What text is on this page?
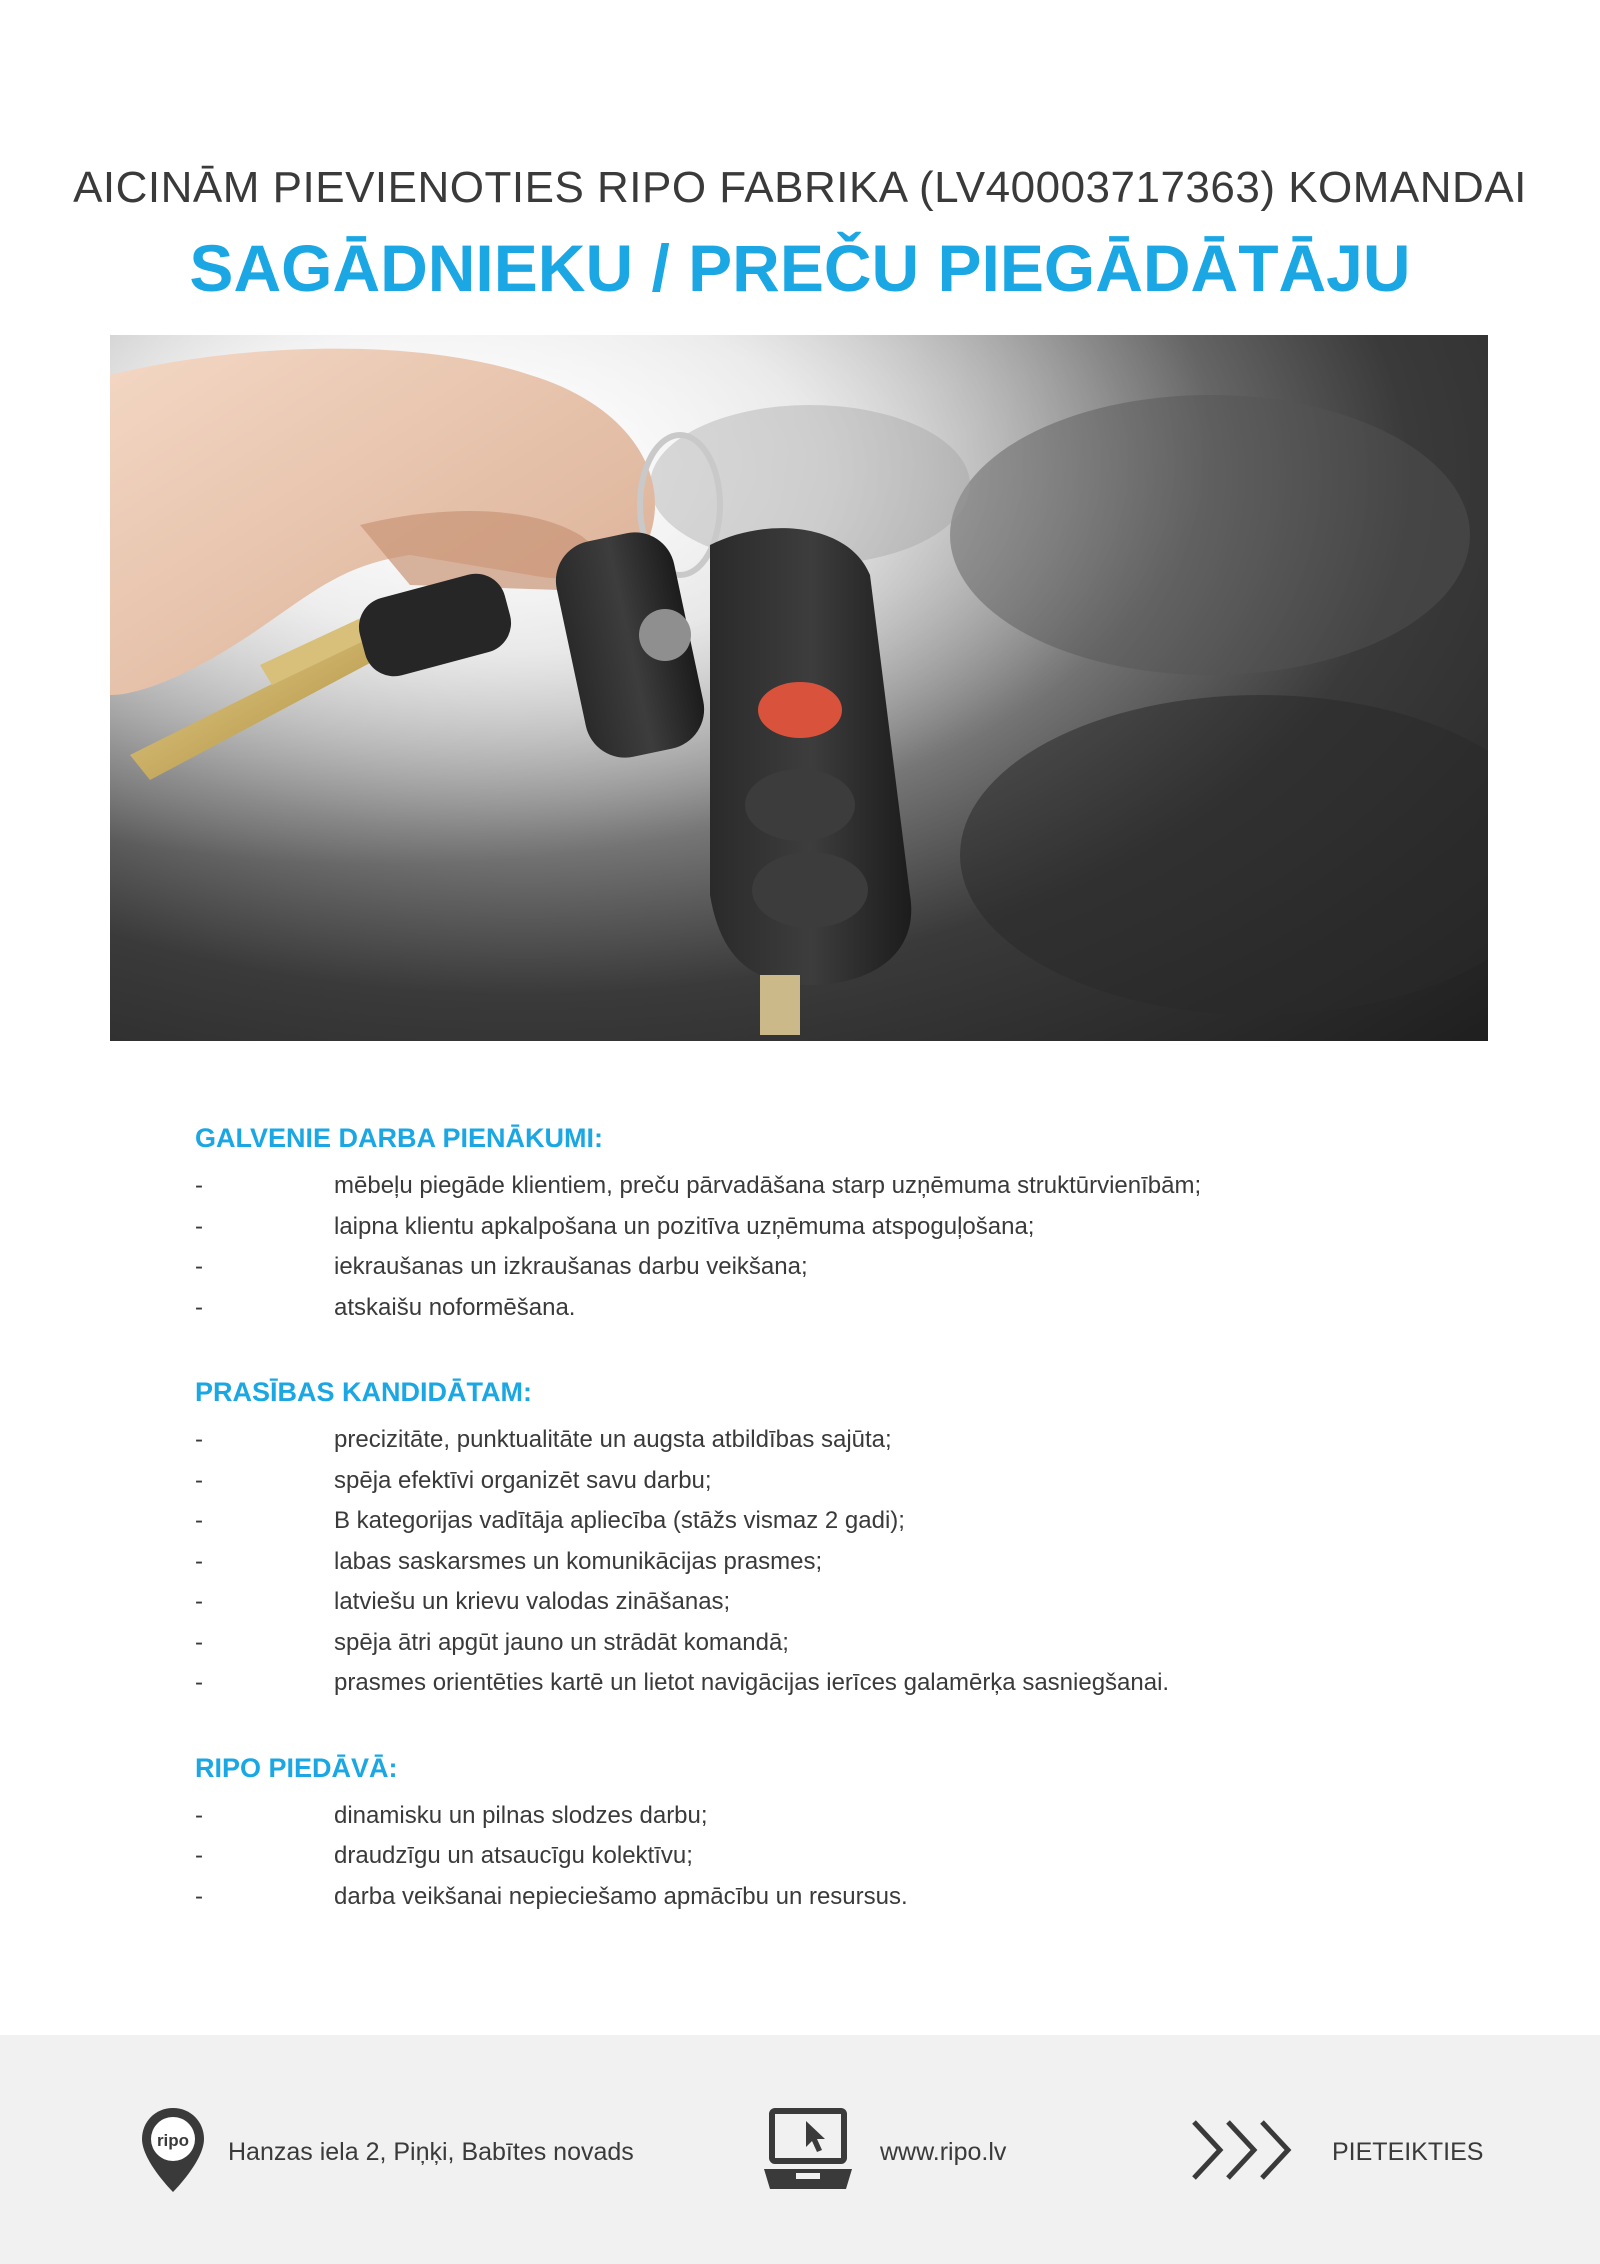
AICINĀM PIEVIENOTIES RIPO FABRIKA (LV40003717363) KOMANDAI
SAGĀDNIEKU / PREČU PIEGĀDĀTĀJU
GALVENIE DARBA PIENĀKUMI:
-	mēbeļu piegāde klientiem, preču pārvadāšana starp uzņēmuma struktūrvienībām;
-	laipna klientu apkalpošana un pozitīva uzņēmuma atspoguļošana;
-	iekraušanas un izkraušanas darbu veikšana;
-	atskaišu noformēšana.
PRASĪBAS KANDIDĀTAM:
-	precizitāte, punktualitāte un augsta atbildības sajūta;
-	spēja efektīvi organizēt savu darbu;
-	B kategorijas vadītāja apliecība (stāžs vismaz 2 gadi);
-	labas saskarsmes un komunikācijas prasmes;
-	latviešu un krievu valodas zināšanas;
-	spēja ātri apgūt jauno un strādāt komandā;
-	prasmes orientēties kartē un lietot navigācijas ierīces galamērķa sasniegšanai.
RIPO PIEDĀVĀ:
-	dinamisku un pilnas slodzes darbu;
-	draudzīgu un atsaucīgu kolektīvu;
-	darba veikšanai nepieciešamo apmācību un resursus.
ripo Hanzas iela 2, Piņķi, Babītes novads	www.ripo.lv	PIETEIKTIES
